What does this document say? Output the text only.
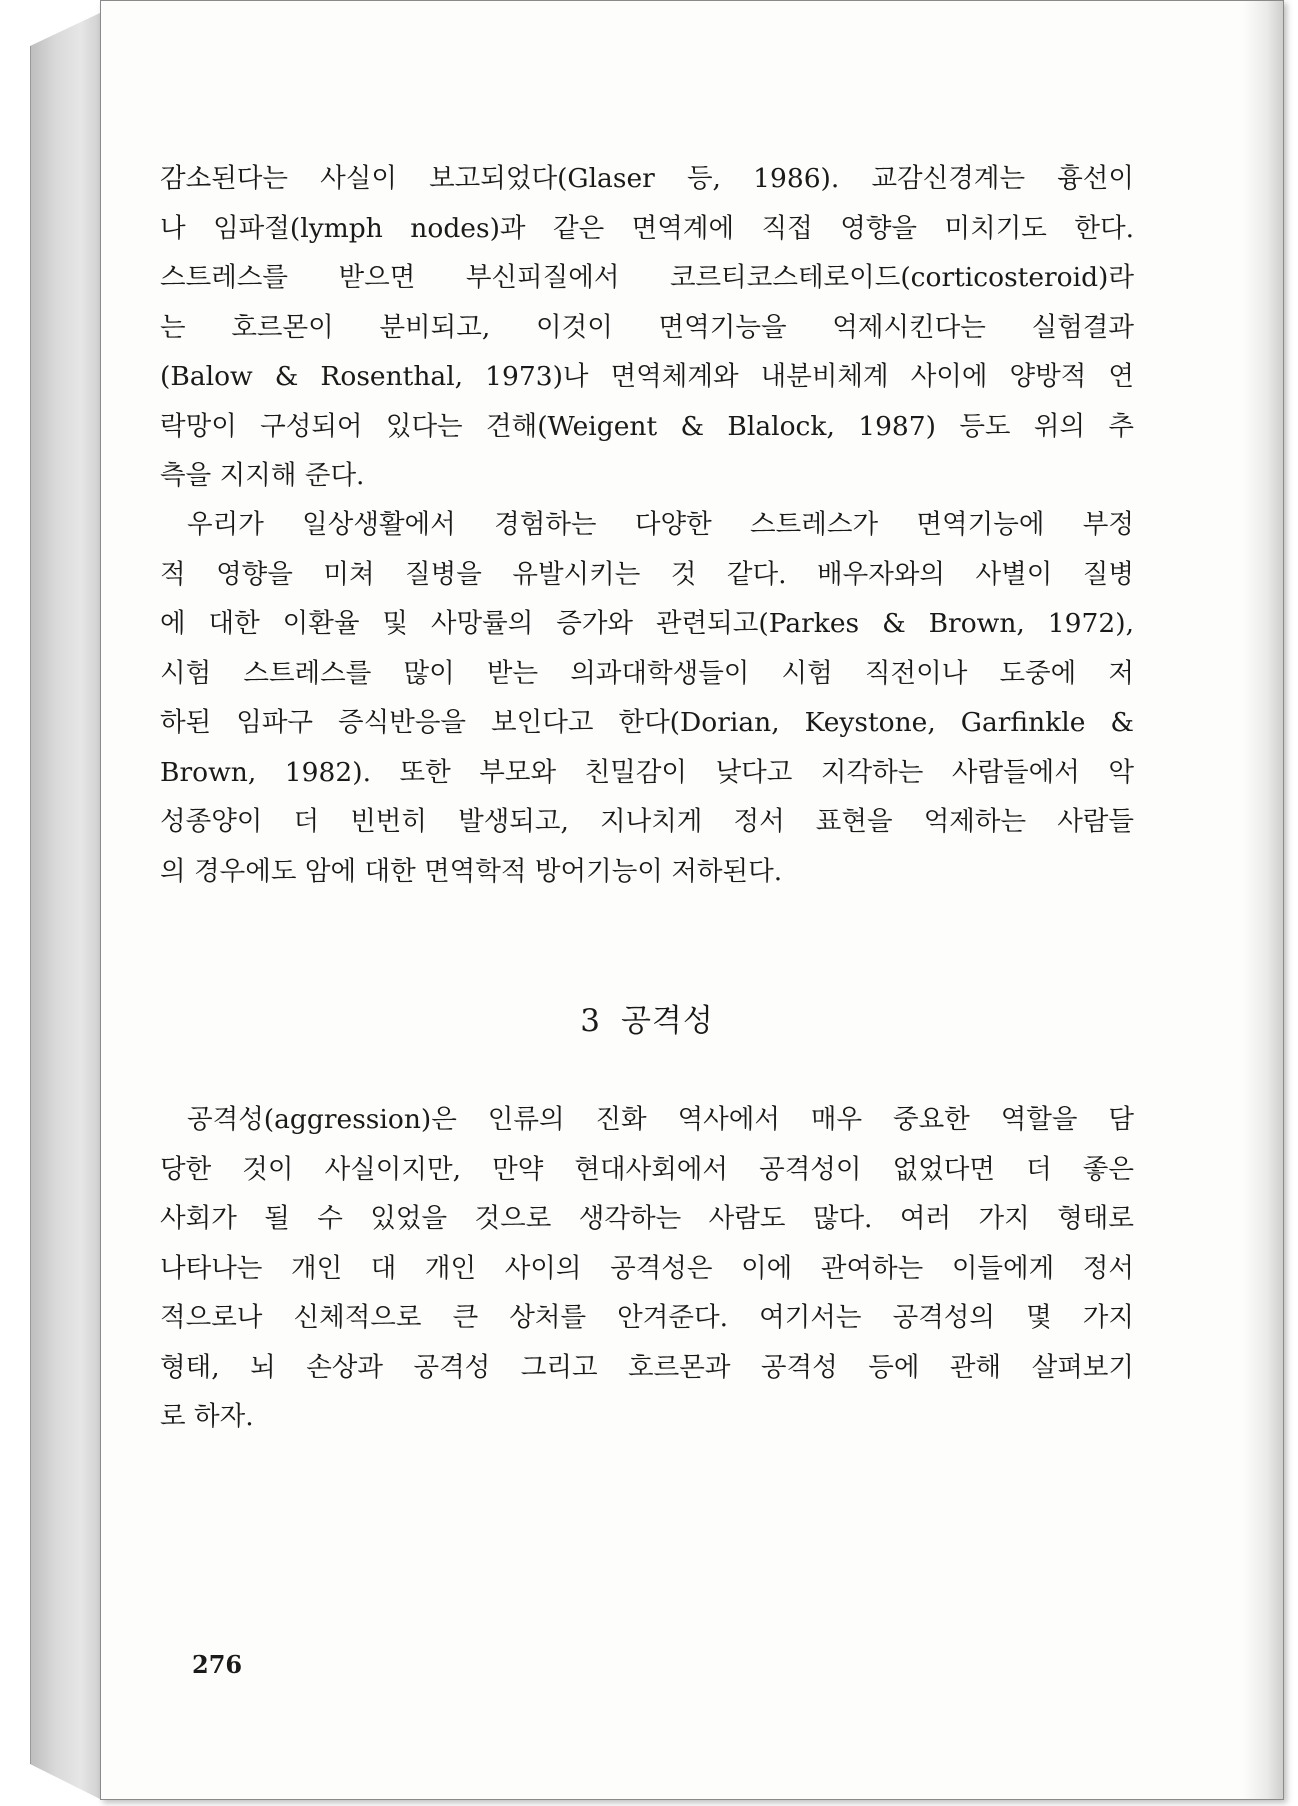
감소된다는 사실이 보고되었다(Glaser 등, 1986). 교감신경계는 흉선이

나 임파절(lymph nodes)과 같은 면역계에 직접 영향을 미치기도 한다.

스트레스를 받으면 부신피질에서 코르티코스테로이드(corticosteroid)라

는 호르몬이 분비되고, 이것이 면역기능을 억제시킨다는 실험결과

(Balow & Rosenthal, 1973)나 면역체계와 내분비체계 사이에 양방적 연

락망이 구성되어 있다는 견해(Weigent & Blalock, 1987) 등도 위의 추

측을 지지해 준다.

우리가 일상생활에서 경험하는 다양한 스트레스가 면역기능에 부정

적 영향을 미쳐 질병을 유발시키는 것 같다. 배우자와의 사별이 질병

에 대한 이환율 및 사망률의 증가와 관련되고(Parkes & Brown, 1972),

시험 스트레스를 많이 받는 의과대학생들이 시험 직전이나 도중에 저

하된 임파구 증식반응을 보인다고 한다(Dorian, Keystone, Garfinkle &

Brown, 1982). 또한 부모와 친밀감이 낮다고 지각하는 사람들에서 악

성종양이 더 빈번히 발생되고, 지나치게 정서 표현을 억제하는 사람들

의 경우에도 암에 대한 면역학적 방어기능이 저하된다.

3 공격성

공격성(aggression)은 인류의 진화 역사에서 매우 중요한 역할을 담

당한 것이 사실이지만, 만약 현대사회에서 공격성이 없었다면 더 좋은

사회가 될 수 있었을 것으로 생각하는 사람도 많다. 여러 가지 형태로

나타나는 개인 대 개인 사이의 공격성은 이에 관여하는 이들에게 정서

적으로나 신체적으로 큰 상처를 안겨준다. 여기서는 공격성의 몇 가지

형태, 뇌 손상과 공격성 그리고 호르몬과 공격성 등에 관해 살펴보기

로 하자.

276
